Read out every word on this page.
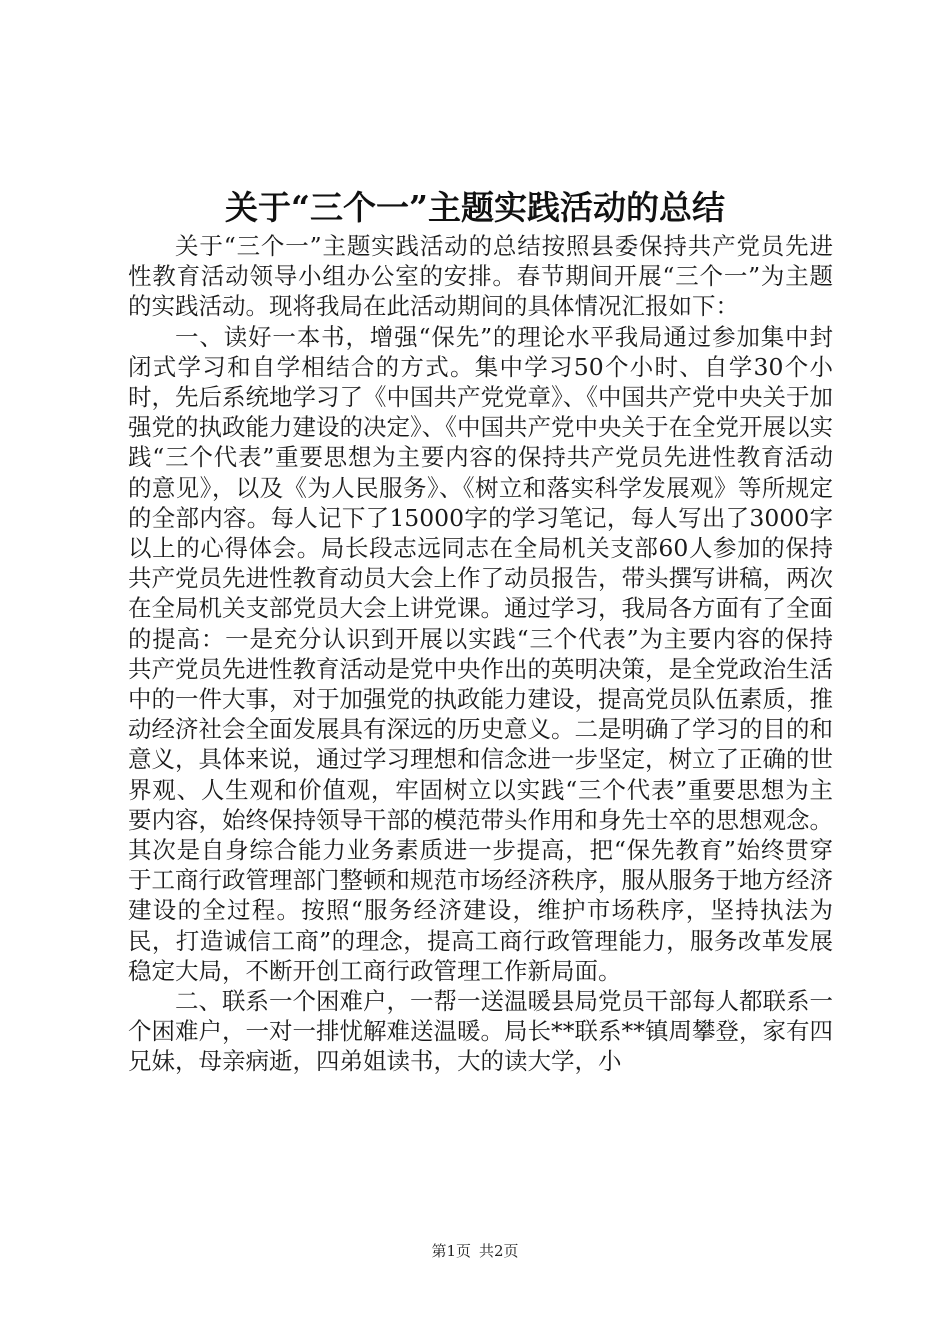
关于“三个一”主题实践活动的总结

关于“三个一”主题实践活动的总结按照县委保持共产党员先进性教育活动领导小组办公室的安排。春节期间开展“三个一”为主题的实践活动。现将我局在此活动期间的具体情况汇报如下：

一、读好一本书，增强“保先”的理论水平我局通过参加集中封闭式学习和自学相结合的方式。集中学习50个小时、自学30个小时，先后系统地学习了《中国共产党党章》、《中国共产党中央关于加强党的执政能力建设的决定》、《中国共产党中央关于在全党开展以实践“三个代表”重要思想为主要内容的保持共产党员先进性教育活动的意见》，以及《为人民服务》、《树立和落实科学发展观》等所规定的全部内容。每人记下了15000字的学习笔记，每人写出了3000字以上的心得体会。局长段志远同志在全局机关支部60人参加的保持共产党员先进性教育动员大会上作了动员报告，带头撰写讲稿，两次在全局机关支部党员大会上讲党课。通过学习，我局各方面有了全面的提高：一是充分认识到开展以实践“三个代表”为主要内容的保持共产党员先进性教育活动是党中央作出的英明决策，是全党政治生活中的一件大事，对于加强党的执政能力建设，提高党员队伍素质，推动经济社会全面发展具有深远的历史意义。二是明确了学习的目的和意义，具体来说，通过学习理想和信念进一步坚定，树立了正确的世界观、人生观和价值观，牢固树立以实践“三个代表”重要思想为主要内容，始终保持领导干部的模范带头作用和身先士卒的思想观念。其次是自身综合能力业务素质进一步提高，把“保先教育”始终贯穿于工商行政管理部门整顿和规范市场经济秩序，服从服务于地方经济建设的全过程。按照“服务经济建设，维护市场秩序，坚持执法为民，打造诚信工商”的理念，提高工商行政管理能力，服务改革发展稳定大局，不断开创工商行政管理工作新局面。

二、联系一个困难户，一帮一送温暖县局党员干部每人都联系一个困难户，一对一排忧解难送温暖。局长**联系**镇周攀登，家有四兄妹，母亲病逝，四弟姐读书，大的读大学，小

第1页 共2页
